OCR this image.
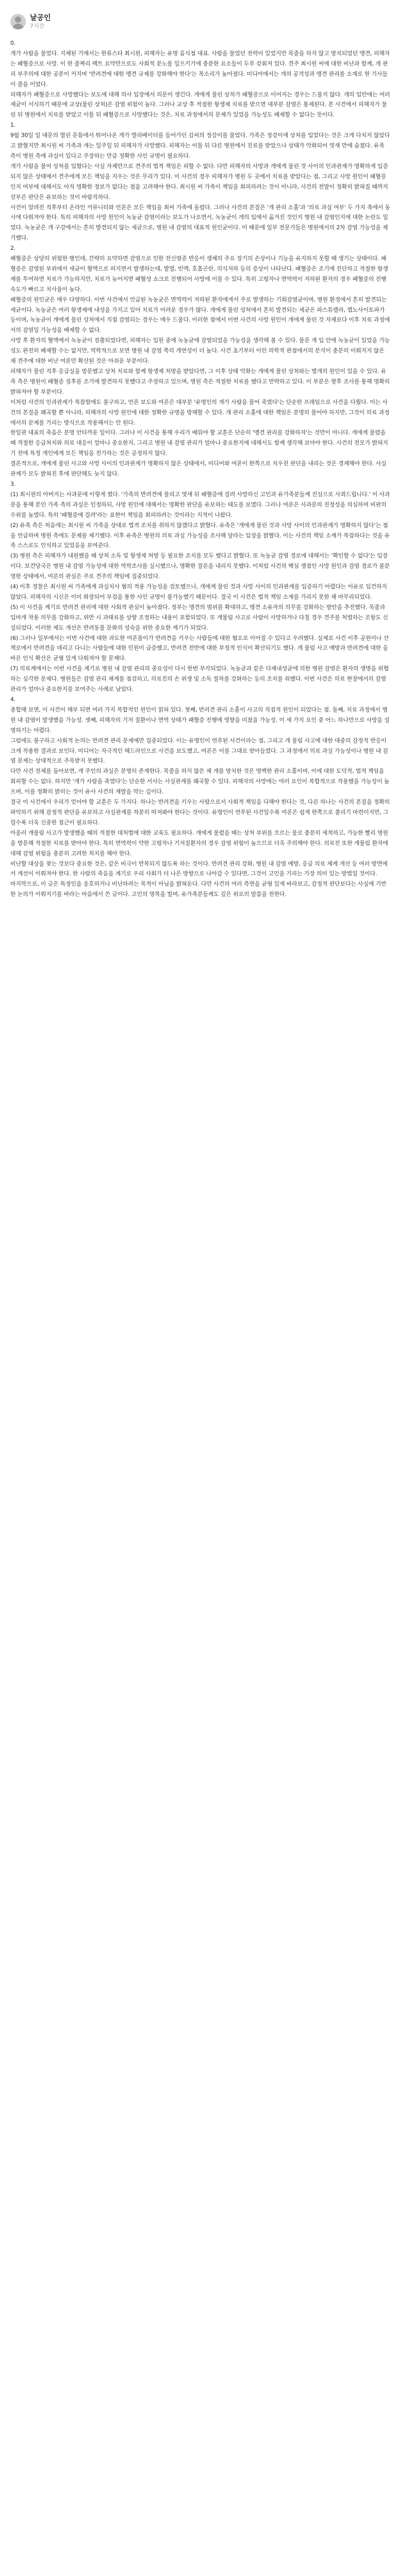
날공인
7시간

0.

개가 사람을 물었다. 지체된 기에서는 한류스타 최시원, 피해자는 유명 음식점 대표. 사람을 물었던 전력이 있었지만 목줄을 하지 않고 방치되었던 맹견, 피해자는 패혈증으로 사망. 이 한 줄짜리 팩트 요약만으로도 사회적 분노를 일으키기에 충분한 요소들이 두루 갖춰져 있다. 견주 최시원 씨에 대한 비난과 함께, 개 관리 부주의에 대한 공분이 커지며 '반려견에 대한 맹견 규제를 강화해야 한다'는 목소리가 높아졌다. 미디어에서는 개의 공격성과 맹견 관리를 소재로 한 기사들이 줄을 이었다.

피해자가 패혈증으로 사망했다는 보도에 대해 의사 입장에서 의문이 생긴다. 개에게 물린 상처가 패혈증으로 이어지는 경우는 드물지 않다. 개의 입안에는 여러 세균이 서식하기 때문에 교상(물린 상처)은 감염 위험이 높다. 그러나 교상 후 적절한 항생제 치료를 받으면 대부분 감염은 통제된다. 본 사건에서 피해자가 물린 뒤 병원에서 치료를 받았고 이틀 뒤 패혈증으로 사망했다는 것은, 치료 과정에서의 문제가 있었을 가능성도 배제할 수 없다는 뜻이다.

1.

9월 30일 일 대문의 열린 문틈에서 튀어나온 개가 엘리베이터를 들어가던 김씨의 정강이를 물었다. 가족은 정강이에 상처를 입었다는 것은 크게 다치지 않았다고 밝혔지만 최시원 씨 가족과 개는 일주일 뒤 피해자가 사망했다. 피해자는 이틀 뒤 다른 병원에서 진료를 받았으나 상태가 악화되어 엿새 만에 숨졌다. 유족 측이 병원 측에 과실이 있다고 주장하는 만큼 정확한 사인 규명이 필요하다.

개가 사람을 물어 상처를 입혔다는 사실 자체만으로 견주의 법적 책임은 피할 수 없다. 다만 피해자의 사망과 개에게 물린 것 사이의 인과관계가 명확하게 입증되지 않은 상태에서 견주에게 모든 책임을 지우는 것은 무리가 있다. 이 사건의 경우 피해자가 병원 두 곳에서 치료를 받았다는 점, 그리고 사망 원인이 패혈증인지 여부에 대해서도 아직 명확한 정보가 없다는 점을 고려해야 한다. 최시원 씨 가족이 책임을 회피하려는 것이 아니라, 사건의 전말이 정확히 밝혀질 때까지 섣부른 판단은 유보하는 것이 바람직하다.

사건이 알려진 직후부터 온라인 커뮤니티와 언론은 모든 책임을 최씨 가족에 돌렸다. 그러나 사건의 본질은 '개 관리 소홀'과 '의료 과실 여부' 두 가지 축에서 동시에 다뤄져야 한다. 특히 피해자의 사망 원인이 녹농균 감염이라는 보도가 나오면서, 녹농균이 개의 입에서 옮겨진 것인지 병원 내 감염인지에 대한 논란도 일었다. 녹농균은 개 구강에서는 흔히 발견되지 않는 세균으로, 병원 내 감염의 대표적 원인균이다. 이 때문에 일부 전문가들은 병원에서의 2차 감염 가능성을 제기했다.

2.

패혈증은 상당히 위험한 병인데, 간략히 요약하면 감염으로 인한 전신염증 반응이 생체의 주요 장기의 손상이나 기능을 유지하지 못할 때 생기는 상태이다. 패혈증은 감염된 부위에서 세균이 혈액으로 퍼지면서 발생하는데, 발열, 빈맥, 호흡곤란, 의식저하 등의 증상이 나타난다. 패혈증은 조기에 진단하고 적절한 항생제를 투여하면 치료가 가능하지만, 치료가 늦어지면 패혈성 쇼크로 진행되어 사망에 이를 수 있다. 특히 고령자나 면역력이 저하된 환자의 경우 패혈증의 진행 속도가 빠르고 치사율이 높다.

패혈증의 원인균은 매우 다양하다. 이번 사건에서 언급된 녹농균은 면역력이 저하된 환자에게서 주로 발생하는 기회감염균이며, 병원 환경에서 흔히 발견되는 세균이다. 녹농균은 여러 항생제에 내성을 가지고 있어 치료가 어려운 경우가 많다. 개에게 물린 상처에서 흔히 발견되는 세균은 파스튜렐라, 캡노사이토파가 등이며, 녹농균이 개에게 물린 상처에서 직접 감염되는 경우는 매우 드물다. 이러한 점에서 이번 사건의 사망 원인이 개에게 물린 것 자체보다 이후 치료 과정에서의 감염일 가능성을 배제할 수 없다.

사망 후 환자의 혈액에서 녹농균이 검출되었다면, 피해자는 입원 중에 녹농균에 감염되었을 가능성을 생각해 볼 수 있다. 물론 개 입 안에 녹농균이 있었을 가능성도 완전히 배제할 수는 없지만, 역학적으로 보면 병원 내 감염 쪽의 개연성이 더 높다. 사건 초기부터 이런 의학적 관점에서의 분석이 충분히 이뤄지지 않은 채 견주에 대한 비난 여론만 확산된 것은 아쉬운 부분이다.

피해자가 물린 직후 응급실을 방문했고 상처 치료와 함께 항생제 처방을 받았다면, 그 이후 상태 악화는 개에게 물린 상처와는 별개의 원인이 있을 수 있다. 유족 측은 병원이 패혈증 징후를 조기에 발견하지 못했다고 주장하고 있으며, 병원 측은 적절한 치료를 했다고 반박하고 있다. 이 부분은 향후 조사를 통해 명확히 밝혀져야 할 부분이다.

이처럼 사건의 인과관계가 복잡함에도 불구하고, 언론 보도와 여론은 대부분 '유명인의 개가 사람을 물어 죽였다'는 단순한 프레임으로 사건을 다뤘다. 이는 사건의 본질을 왜곡할 뿐 아니라, 피해자의 사망 원인에 대한 정확한 규명을 방해할 수 있다. 개 관리 소홀에 대한 책임은 분명히 물어야 하지만, 그것이 의료 과정에서의 문제를 가리는 방식으로 작용해서는 안 된다.

한일관 대표의 죽음은 분명 안타까운 일이다. 그러나 이 사건을 통해 우리가 배워야 할 교훈은 단순히 '맹견 관리를 강화하자'는 것만이 아니다. 개에게 물렸을 때 적절한 응급처치와 의료 대응이 얼마나 중요한지, 그리고 병원 내 감염 관리가 얼마나 중요한지에 대해서도 함께 생각해 보아야 한다. 사건의 전모가 밝혀지기 전에 특정 개인에게 모든 책임을 전가하는 것은 공정하지 않다.

결론적으로, 개에게 물린 사고와 사망 사이의 인과관계가 명확하지 않은 상태에서, 미디어와 여론이 한쪽으로 치우친 판단을 내리는 것은 경계해야 한다. 사실관계가 모두 밝혀진 후에 판단해도 늦지 않다.

3.

(1) 최시원의 아버지는 사과문에 이렇게 썼다. '가족의 반려견에 물리고 엿새 뒤 패혈증에 걸려 사망하신 고인과 유가족분들께 진심으로 사죄드립니다.' 이 사과문을 통해 본인 가족 측의 과실은 인정하되, 사망 원인에 대해서는 명확한 판단을 유보하는 태도를 보였다. 그러나 여론은 사과문의 진정성을 의심하며 비판의 수위를 높였다. 특히 '패혈증에 걸려'라는 표현이 책임을 회피하려는 것이라는 지적이 나왔다.

(2) 유족 측은 처음에는 최시원 씨 가족을 상대로 법적 조치를 취하지 않겠다고 밝혔다. 유족은 '개에게 물린 것과 사망 사이의 인과관계가 명확하지 않다'는 점을 언급하며 병원 측에도 문제를 제기했다. 이후 유족은 병원의 의료 과실 가능성을 조사해 달라는 입장을 밝혔다. 이는 사건의 책임 소재가 복잡하다는 것을 유족 스스로도 인식하고 있었음을 보여준다.

(3) 병원 측은 피해자가 내원했을 때 상처 소독 및 항생제 처방 등 필요한 조치를 모두 했다고 밝혔다. 또 녹농균 감염 경로에 대해서는 '확인할 수 없다'는 입장이다. 보건당국은 병원 내 감염 가능성에 대한 역학조사를 실시했으나, 명확한 결론을 내리지 못했다. 이처럼 사건의 핵심 쟁점인 사망 원인과 감염 경로가 불분명한 상태에서, 여론의 관심은 주로 견주의 책임에 집중되었다.

(4) 이후 경찰은 최시원 씨 가족에게 과실치사 혐의 적용 가능성을 검토했으나, 개에게 물린 것과 사망 사이의 인과관계를 입증하기 어렵다는 이유로 입건하지 않았다. 피해자의 시신은 이미 화장되어 부검을 통한 사인 규명이 불가능했기 때문이다. 결국 이 사건은 법적 책임 소재를 가리지 못한 채 마무리되었다.

(5) 이 사건을 계기로 반려견 관리에 대한 사회적 관심이 높아졌다. 정부는 맹견의 범위를 확대하고, 맹견 소유자의 의무를 강화하는 방안을 추진했다. 목줄과 입마개 착용 의무를 강화하고, 위반 시 과태료를 상향 조정하는 내용이 포함되었다. 또 개물림 사고로 사람이 사망하거나 다칠 경우 견주를 처벌하는 조항도 신설되었다. 이러한 제도 개선은 반려동물 문화의 성숙을 위한 중요한 계기가 되었다.

(6) 그러나 일부에서는 이번 사건에 대한 과도한 여론몰이가 반려견을 키우는 사람들에 대한 혐오로 이어질 수 있다고 우려했다. 실제로 사건 이후 공원이나 산책로에서 반려견을 데리고 다니는 사람들에 대한 민원이 급증했고, 반려견 전반에 대한 부정적 인식이 확산되기도 했다. 개 물림 사고 예방과 반려견에 대한 올바른 인식 확산은 균형 있게 다뤄져야 할 문제다.

(7) 의료계에서는 이번 사건을 계기로 병원 내 감염 관리의 중요성이 다시 한번 부각되었다. 녹농균과 같은 다제내성균에 의한 병원 감염은 환자의 생명을 위협하는 심각한 문제다. 병원들은 감염 관리 체계를 점검하고, 의료진의 손 위생 및 소독 절차를 강화하는 등의 조치를 취했다. 이번 사건은 의료 현장에서의 감염 관리가 얼마나 중요한지를 보여주는 사례로 남았다.

4.

종합해 보면, 이 사건이 해부 되면 여러 가지 복합적인 원인이 얽혀 있다. 첫째, 반려견 관리 소홀이 사고의 직접적 원인이 되었다는 점. 둘째, 치료 과정에서 병원 내 감염이 발생했을 가능성. 셋째, 피해자의 기저 질환이나 면역 상태가 패혈증 진행에 영향을 미쳤을 가능성. 이 세 가지 요인 중 어느 하나만으로 사망을 설명하기는 어렵다.

그럼에도 불구하고 사회적 논의는 반려견 관리 문제에만 집중되었다. 이는 유명인이 연루된 사건이라는 점, 그리고 개 물림 사고에 대한 대중의 감정적 반응이 크게 작용한 결과로 보인다. 미디어는 자극적인 헤드라인으로 사건을 보도했고, 여론은 이를 그대로 받아들였다. 그 과정에서 의료 과실 가능성이나 병원 내 감염 문제는 상대적으로 주목받지 못했다.

다만 사건 전체를 돌아보면, 개 주인의 과실은 분명히 존재한다. 목줄을 하지 않은 채 개를 방치한 것은 명백한 관리 소홀이며, 이에 대한 도덕적, 법적 책임을 회피할 수는 없다. 하지만 '개가 사람을 죽였다'는 단순한 서사는 사실관계를 왜곡할 수 있다. 피해자의 사망에는 여러 요인이 복합적으로 작용했을 가능성이 높으며, 이를 정확히 밝히는 것이 유사 사건의 재발을 막는 길이다.

결국 이 사건에서 우리가 얻어야 할 교훈은 두 가지다. 하나는 반려견을 키우는 사람으로서 사회적 책임을 다해야 한다는 것, 다른 하나는 사건의 본질을 정확히 파악하기 위해 감정적 판단을 유보하고 사실관계를 차분히 따져봐야 한다는 것이다. 유명인이 연루된 사건일수록 여론은 쉽게 한쪽으로 쏠리기 마련이지만, 그럴수록 더욱 신중한 접근이 필요하다.

아울러 개물림 사고가 발생했을 때의 적절한 대처법에 대한 교육도 필요하다. 개에게 물렸을 때는 상처 부위를 흐르는 물로 충분히 세척하고, 가능한 빨리 병원을 방문해 적절한 치료를 받아야 한다. 특히 면역력이 약한 고령자나 기저질환자의 경우 감염 위험이 높으므로 더욱 주의해야 한다. 의료진 또한 개물림 환자에 대해 감염 위험을 충분히 고려한 처치를 해야 한다.

비난할 대상을 찾는 것보다 중요한 것은, 같은 비극이 반복되지 않도록 하는 것이다. 반려견 관리 강화, 병원 내 감염 예방, 응급 의료 체계 개선 등 여러 방면에서 개선이 이뤄져야 한다. 한 사람의 죽음을 계기로 우리 사회가 더 나은 방향으로 나아갈 수 있다면, 그것이 고인을 기리는 가장 의미 있는 방법일 것이다.

마지막으로, 이 글은 특정인을 옹호하거나 비난하려는 목적이 아님을 밝혀둔다. 다만 사건의 여러 측면을 균형 있게 바라보고, 감정적 판단보다는 사실에 기반한 논의가 이뤄지기를 바라는 마음에서 쓴 글이다. 고인의 명복을 빌며, 유가족분들께도 깊은 위로의 말씀을 전한다.
